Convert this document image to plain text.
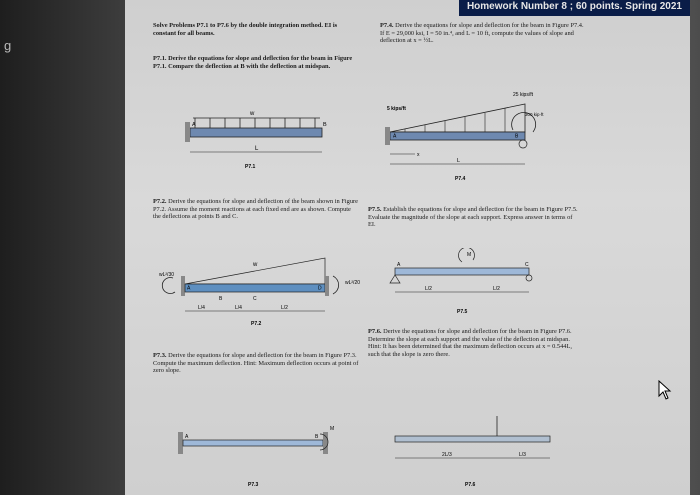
g
Homework Number 8 ; 60 points. Spring 2021
Solve Problems P7.1 to P7.6 by the double integration method. EI is constant for all beams.
P7.1. Derive the equations for slope and deflection for the beam in Figure P7.1. Compare the deflection at B with the deflection at midspan.
P7.4. Derive the equations for slope and deflection for the beam in Figure P7.4. If E = 29,000 ksi, I = 50 in.⁴, and L = 10 ft, compute the values of slope and deflection at x = ½L.
w
A	B
L
P7.1
5 kips/ft
25 kips/ft
300 kip·ft
A	B
x
L
P7.4
P7.2. Derive the equations for slope and deflection of the beam shown in Figure P7.2. Assume the moment reactions at each fixed end are as shown. Compute the deflections at points B and C.
P7.5. Establish the equations for slope and deflection for the beam in Figure P7.5. Evaluate the magnitude of the slope at each support. Express answer in terms of EI.
wL²/30
wL²/20
w
A
B	C
D
L/4	L/4	L/2
P7.2
M
A	C
L/2	L/2
P7.5
P7.6. Derive the equations for slope and deflection for the beam in Figure P7.6. Determine the slope at each support and the value of the deflection at midspan. Hint: It has been determined that the maximum deflection occurs at x = 0.544L, such that the slope is zero there.
P7.3. Derive the equations for slope and deflection for the beam in Figure P7.3. Compute the maximum deflection. Hint: Maximum deflection occurs at point of zero slope.
M
A	B
P7.3
2L/3	L/3
P7.6
